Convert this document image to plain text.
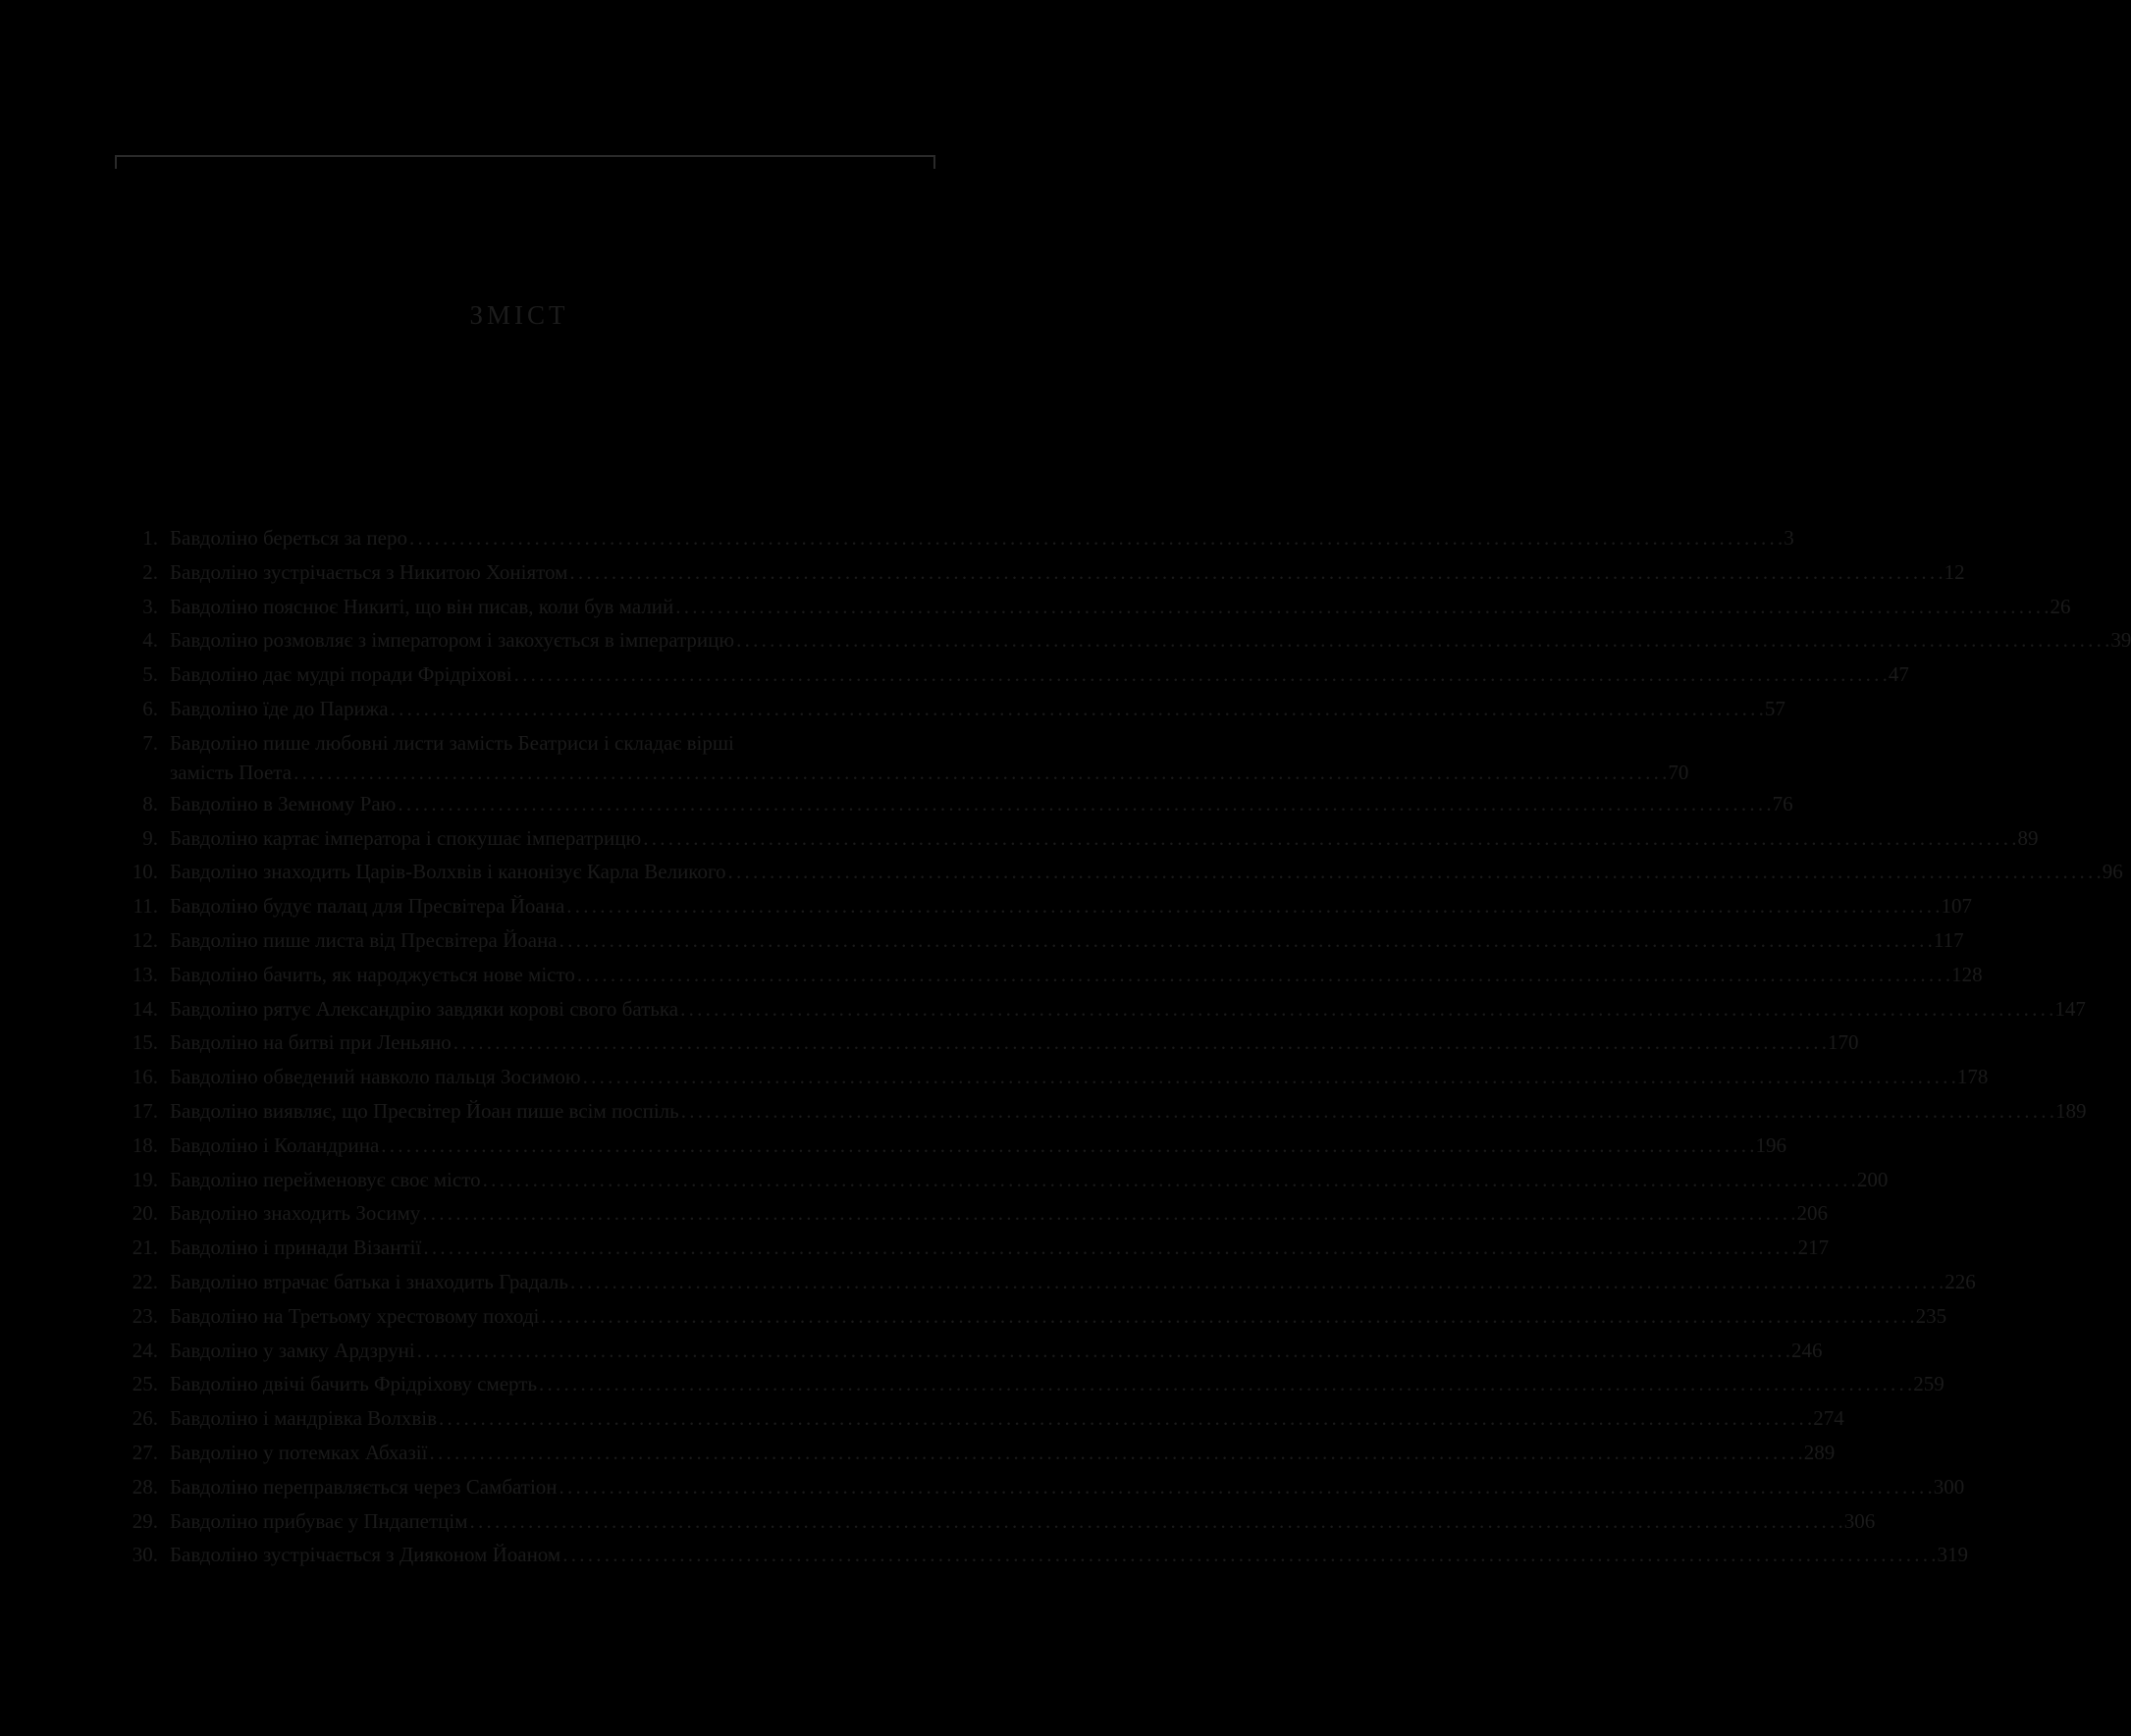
ЗМІСТ
1. Бавдоліно береться за перо . . .	3
2. Бавдоліно зустрічається з Никитою Хоніятом . . .	12
3. Бавдоліно пояснює Никиті, що він писав, коли був малий . . .	26
4. Бавдоліно розмовляє з імператором і закохується в імператрицю . . .	39
5. Бавдоліно дає мудрі поради Фрідріхові . . .	47
6. Бавдоліно їде до Парижа . . .	57
7. Бавдоліно пише любовні листи замість Беатриси і складає вірші
замість Поета . . .	70
8. Бавдоліно в Земному Раю . . .	76
9. Бавдоліно картає імператора і спокушає імператрицю . . .	89
10. Бавдоліно знаходить Царів-Волхвів і канонізує Карла Великого . . .	96
11. Бавдоліно будує палац для Пресвітера Йоана . . .	107
12. Бавдоліно пише листа від Пресвітера Йоана . . .	117
13. Бавдоліно бачить, як народжується нове місто . . .	128
14. Бавдоліно рятує Александрію завдяки корові свого батька . . .	147
15. Бавдоліно на битві при Леньяно . . .	170
16. Бавдоліно обведений навколо пальця Зосимою . . .	178
17. Бавдоліно виявляє, що Пресвітер Йоан пише всім поспіль . . .	189
18. Бавдоліно і Коландрина . . .	196
19. Бавдоліно перейменовує своє місто . . .	200
20. Бавдоліно знаходить Зосиму . . .	206
21. Бавдоліно і принади Візантії . . .	217
22. Бавдоліно втрачає батька і знаходить Градаль . . .	226
23. Бавдоліно на Третьому хрестовому поході . . .	235
24. Бавдоліно у замку Ардзруні . . .	246
25. Бавдоліно двічі бачить Фрідріхову смерть . . .	259
26. Бавдоліно і мандрівка Волхвів . . .	274
27. Бавдоліно у потемках Абхазії . . .	289
28. Бавдоліно переправляється через Самбатіон . . .	300
29. Бавдоліно прибуває у Пндапетцім . . .	306
30. Бавдоліно зустрічається з Дияконом Йоаном . . .	319
